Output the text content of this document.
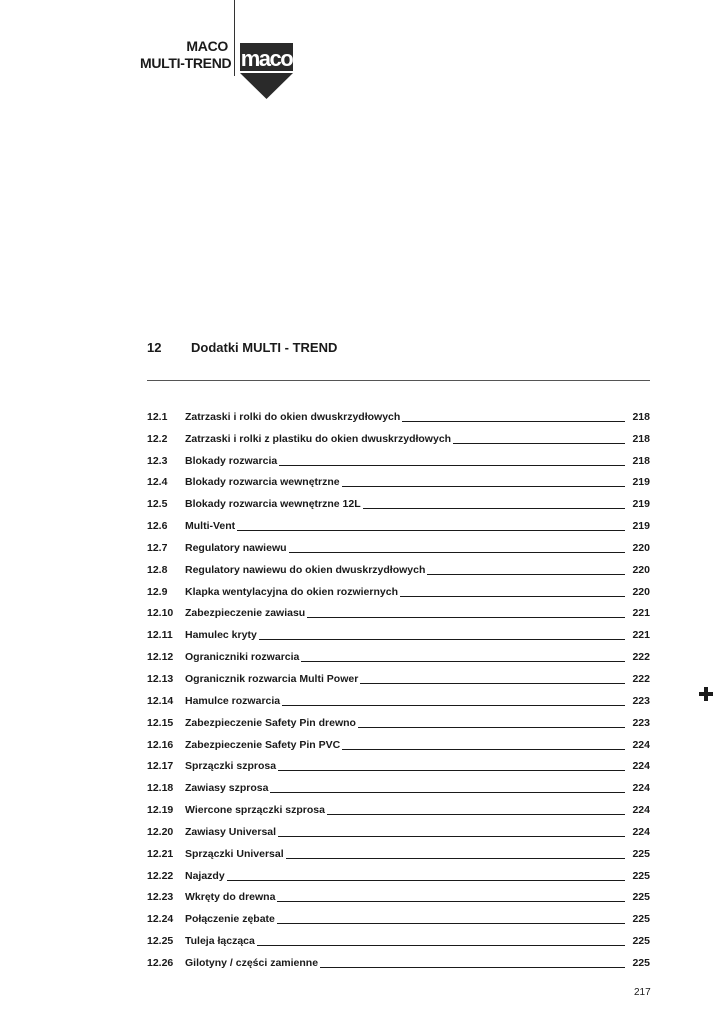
MACO
MULTI-TREND maco
12 Dodatki MULTI - TREND
12.1	Zatrzaski i rolki do okien dwuskrzydłowych	218
12.2	Zatrzaski i rolki z plastiku do okien dwuskrzydłowych	218
12.3	Blokady rozwarcia	218
12.4	Blokady rozwarcia wewnętrzne	219
12.5	Blokady rozwarcia wewnętrzne 12L	219
12.6	Multi-Vent	219
12.7	Regulatory nawiewu	220
12.8	Regulatory nawiewu do okien dwuskrzydłowych	220
12.9	Klapka wentylacyjna do okien rozwiernych	220
12.10	Zabezpieczenie zawiasu	221
12.11	Hamulec kryty	221
12.12	Ograniczniki rozwarcia	222
12.13	Ogranicznik rozwarcia Multi Power	222
12.14	Hamulce rozwarcia	223
12.15	Zabezpieczenie Safety Pin drewno	223
12.16	Zabezpieczenie Safety Pin PVC	224
12.17	Sprzączki szprosa	224
12.18	Zawiasy szprosa	224
12.19	Wiercone sprzączki szprosa	224
12.20	Zawiasy Universal	224
12.21	Sprzączki Universal	225
12.22	Najazdy	225
12.23	Wkręty do drewna	225
12.24	Połączenie zębate	225
12.25	Tuleja łącząca	225
12.26	Gilotyny / części zamienne	225
217
